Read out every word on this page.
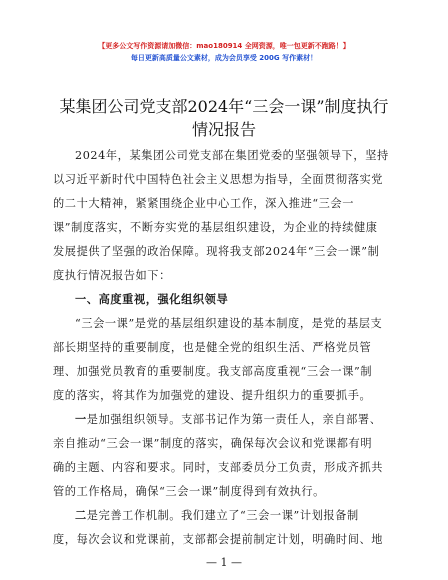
【更多公文写作资源请加微信：mao180914 全网资源，唯一包更新不跑路！】
每日更新高质量公文素材，成为会员享受 200G 写作素材！
某集团公司党支部2024年“三会一课”制度执行
情况报告
2024年，某集团公司党支部在集团党委的坚强领导下，坚持
以习近平新时代中国特色社会主义思想为指导，全面贯彻落实党
的二十大精神，紧紧围绕企业中心工作，深入推进“三会一
课”制度落实，不断夯实党的基层组织建设，为企业的持续健康
发展提供了坚强的政治保障。现将我支部2024年“三会一课”制
度执行情况报告如下：
一、高度重视，强化组织领导
“三会一课”是党的基层组织建设的基本制度，是党的基层支
部长期坚持的重要制度，也是健全党的组织生活、严格党员管
理、加强党员教育的重要制度。我支部高度重视“三会一课”制
度的落实，将其作为加强党的建设、提升组织力的重要抓手。
一是加强组织领导。支部书记作为第一责任人，亲自部署、
亲自推动“三会一课”制度的落实，确保每次会议和党课都有明
确的主题、内容和要求。同时，支部委员分工负责，形成齐抓共
管的工作格局，确保“三会一课”制度得到有效执行。
二是完善工作机制。我们建立了“三会一课”计划报备制
度，每次会议和党课前，支部都会提前制定计划，明确时间、地
— 1 —
